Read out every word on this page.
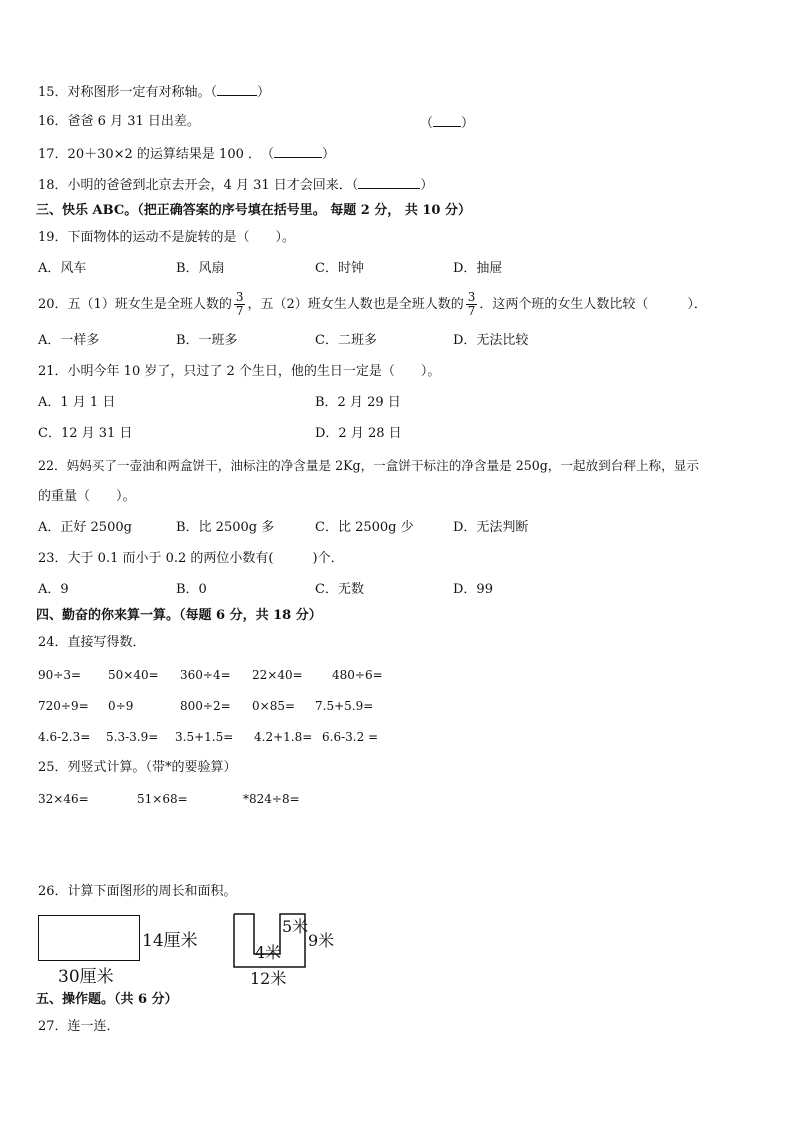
15．对称图形一定有对称轴。（	）
16．爸爸 6 月 31 日出差。	（ ）
17．20＋30×2 的运算结果是 100 ．　（	）
18．小明的爸爸到北京去开会，4 月 31 日才会回来．（	）
三、快乐 ABC。（把正确答案的序号填在括号里。 每题 2 分， 共 10 分）
19．下面物体的运动不是旋转的是（　　）。
A．风车	B．风扇	C．时钟	D．抽屉
20．五（1）班女生是全班人数的 $\frac{3}{7}$ ，五（2）班女生人数也是全班人数的 $\frac{3}{7}$ ．这两个班的女生人数比较（　　　）．
A．一样多	B．一班多	C．二班多	D．无法比较
21．小明今年 10 岁了，只过了 2 个生日，他的生日一定是（　　）。
A．1 月 1 日	B．2 月 29 日
C．12 月 31 日	D．2 月 28 日
22．妈妈买了一壶油和两盒饼干，油标注的净含量是 2Kg，一盒饼干标注的净含量是 250g，一起放到台秤上称，显示
的重量（　　）。
A．正好 2500g	B．比 2500g 多	C．比 2500g 少	D．无法判断
23．大于 0.1 而小于 0.2 的两位小数有(　　　)个．
A．9	B．0	C．无数	D．99
四、勤奋的你来算一算。（每题 6 分，共 18 分）
24．直接写得数．
90÷3= 50×40= 360÷4= 22×40= 480÷6=
720÷9= 0÷9	800÷2= 0×85= 7.5+5.9=
4.6-2.3= 5.3-3.9= 3.5+1.5= 4.2+1.8= 6.6-3.2 =
25．列竖式计算。（带*的要验算）
32×46=	51×68=	*824÷8=
26．计算下面图形的周长和面积。
14厘米
30厘米
5米
4米
9米
12米
五、操作题。（共 6 分）
27．连一连．
